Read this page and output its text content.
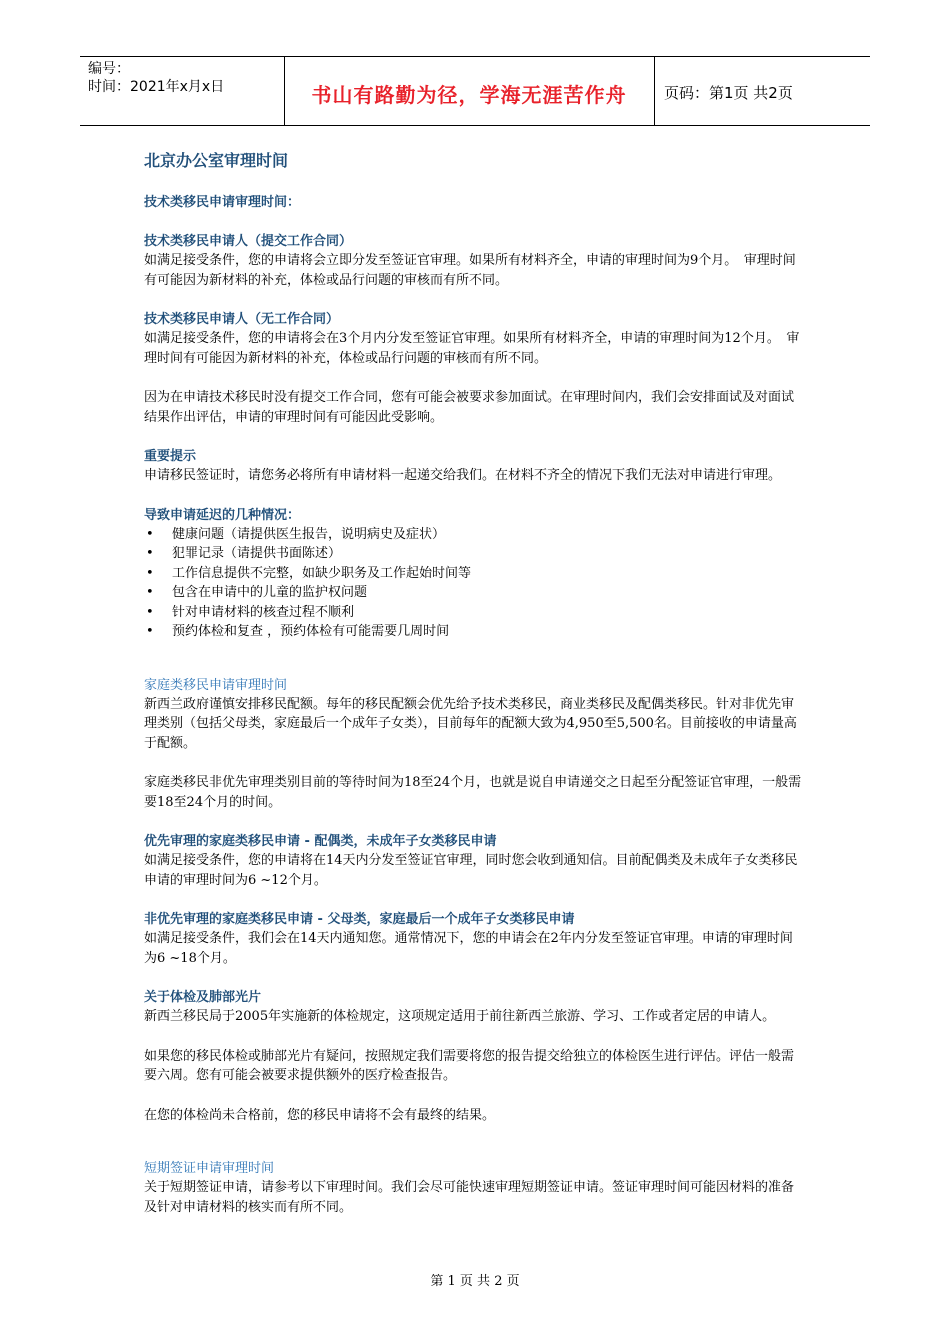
编号：
时间：2021年x月x日	书山有路勤为径，学海无涯苦作舟	页码：第1页 共2页
北京办公室审理时间
技术类移民申请审理时间：
技术类移民申请人（提交工作合同）

如满足接受条件，您的申请将会立即分发至签证官审理。如果所有材料齐全，申请的审理时间为9个月。　审理时间有可能因为新材料的补充，体检或品行问题的审核而有所不同。

技术类移民申请人（无工作合同）

如满足接受条件，您的申请将会在3个月内分发至签证官审理。如果所有材料齐全，申请的审理时间为12个月。　审理时间有可能因为新材料的补充，体检或品行问题的审核而有所不同。

因为在申请技术移民时没有提交工作合同，您有可能会被要求参加面试。在审理时间内，我们会安排面试及对面试结果作出评估，申请的审理时间有可能因此受影响。

重要提示

申请移民签证时，请您务必将所有申请材料一起递交给我们。在材料不齐全的情况下我们无法对申请进行审理。

导致申请延迟的几种情况：
• 健康问题（请提供医生报告，说明病史及症状）
• 犯罪记录（请提供书面陈述）
• 工作信息提供不完整，如缺少职务及工作起始时间等
• 包含在申请中的儿童的监护权问题
• 针对申请材料的核查过程不顺利
• 预约体检和复查 ，预约体检有可能需要几周时间
家庭类移民申请审理时间

新西兰政府谨慎安排移民配额。每年的移民配额会优先给予技术类移民，商业类移民及配偶类移民。针对非优先审理类别（包括父母类，家庭最后一个成年子女类），目前每年的配额大致为4,950至5,500名。目前接收的申请量高于配额。

家庭类移民非优先审理类别目前的等待时间为18至24个月，也就是说自申请递交之日起至分配签证官审理，一般需要18至24个月的时间。

优先审理的家庭类移民申请 - 配偶类，未成年子女类移民申请

如满足接受条件，您的申请将在14天内分发至签证官审理，同时您会收到通知信。目前配偶类及未成年子女类移民申请的审理时间为6 ~12个月。

非优先审理的家庭类移民申请 - 父母类，家庭最后一个成年子女类移民申请

如满足接受条件，我们会在14天内通知您。通常情况下，您的申请会在2年内分发至签证官审理。申请的审理时间为6 ~18个月。

关于体检及肺部光片

新西兰移民局于2005年实施新的体检规定，这项规定适用于前往新西兰旅游、学习、工作或者定居的申请人。

如果您的移民体检或肺部光片有疑问，按照规定我们需要将您的报告提交给独立的体检医生进行评估。评估一般需要六周。您有可能会被要求提供额外的医疗检查报告。

在您的体检尚未合格前，您的移民申请将不会有最终的结果。

短期签证申请审理时间

关于短期签证申请，请参考以下审理时间。我们会尽可能快速审理短期签证申请。签证审理时间可能因材料的准备及针对申请材料的核实而有所不同。

第 1 页 共 2 页
